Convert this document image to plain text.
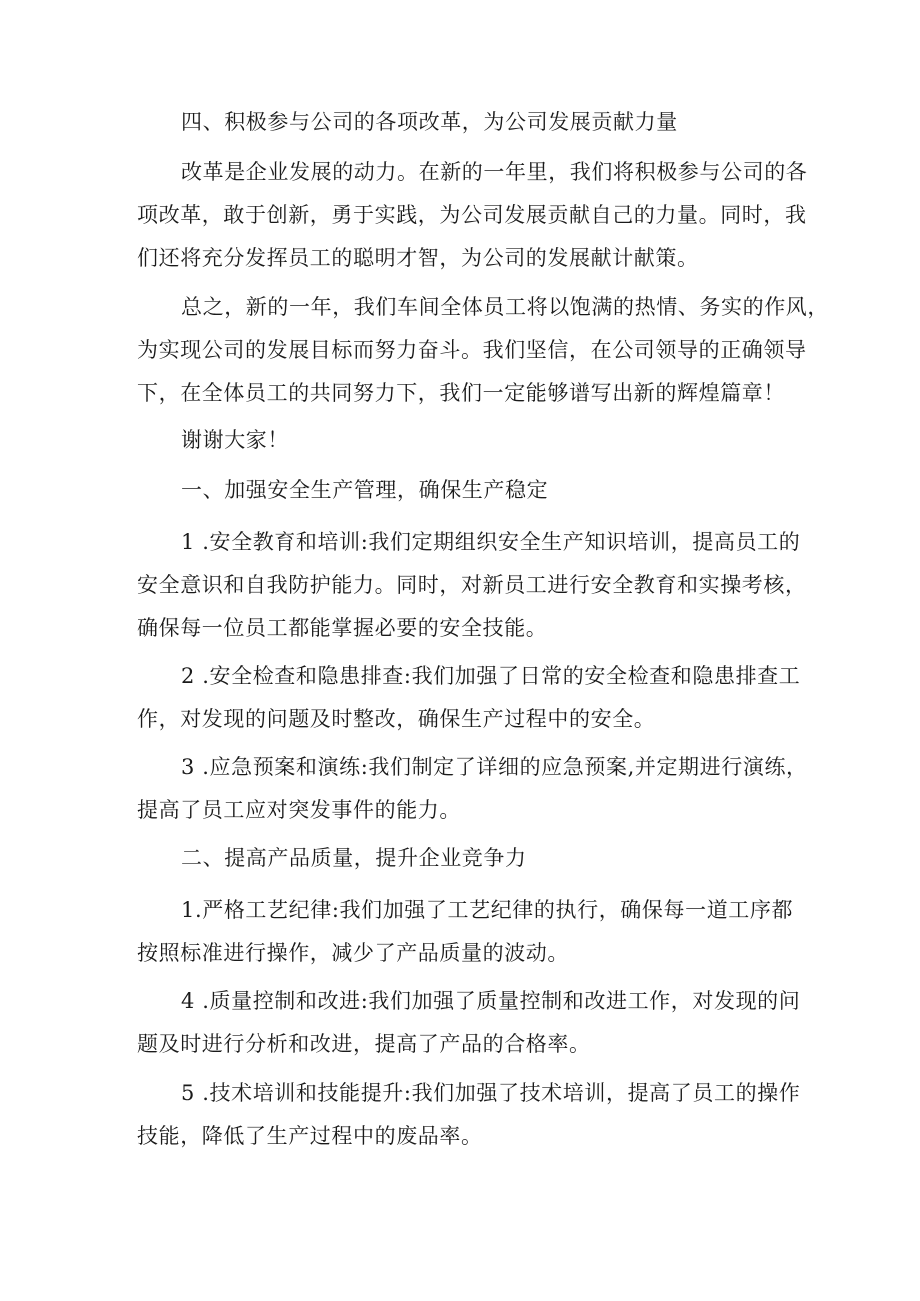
四、积极参与公司的各项改革，为公司发展贡献力量

改革是企业发展的动力。在新的一年里，我们将积极参与公司的各
项改革，敢于创新，勇于实践，为公司发展贡献自己的力量。同时，我
们还将充分发挥员工的聪明才智，为公司的发展献计献策。

总之，新的一年，我们车间全体员工将以饱满的热情、务实的作风，
为实现公司的发展目标而努力奋斗。我们坚信，在公司领导的正确领导
下，在全体员工的共同努力下，我们一定能够谱写出新的辉煌篇章！

谢谢大家！

一、加强安全生产管理，确保生产稳定

1 .安全教育和培训:我们定期组织安全生产知识培训，提高员工的
安全意识和自我防护能力。同时，对新员工进行安全教育和实操考核，
确保每一位员工都能掌握必要的安全技能。

2 .安全检查和隐患排查:我们加强了日常的安全检查和隐患排查工
作，对发现的问题及时整改，确保生产过程中的安全。

3 .应急预案和演练:我们制定了详细的应急预案,并定期进行演练，
提高了员工应对突发事件的能力。

二、提高产品质量，提升企业竞争力

1.严格工艺纪律:我们加强了工艺纪律的执行，确保每一道工序都
按照标准进行操作，减少了产品质量的波动。

4 .质量控制和改进:我们加强了质量控制和改进工作，对发现的问
题及时进行分析和改进，提高了产品的合格率。

5 .技术培训和技能提升:我们加强了技术培训，提高了员工的操作
技能，降低了生产过程中的废品率。
